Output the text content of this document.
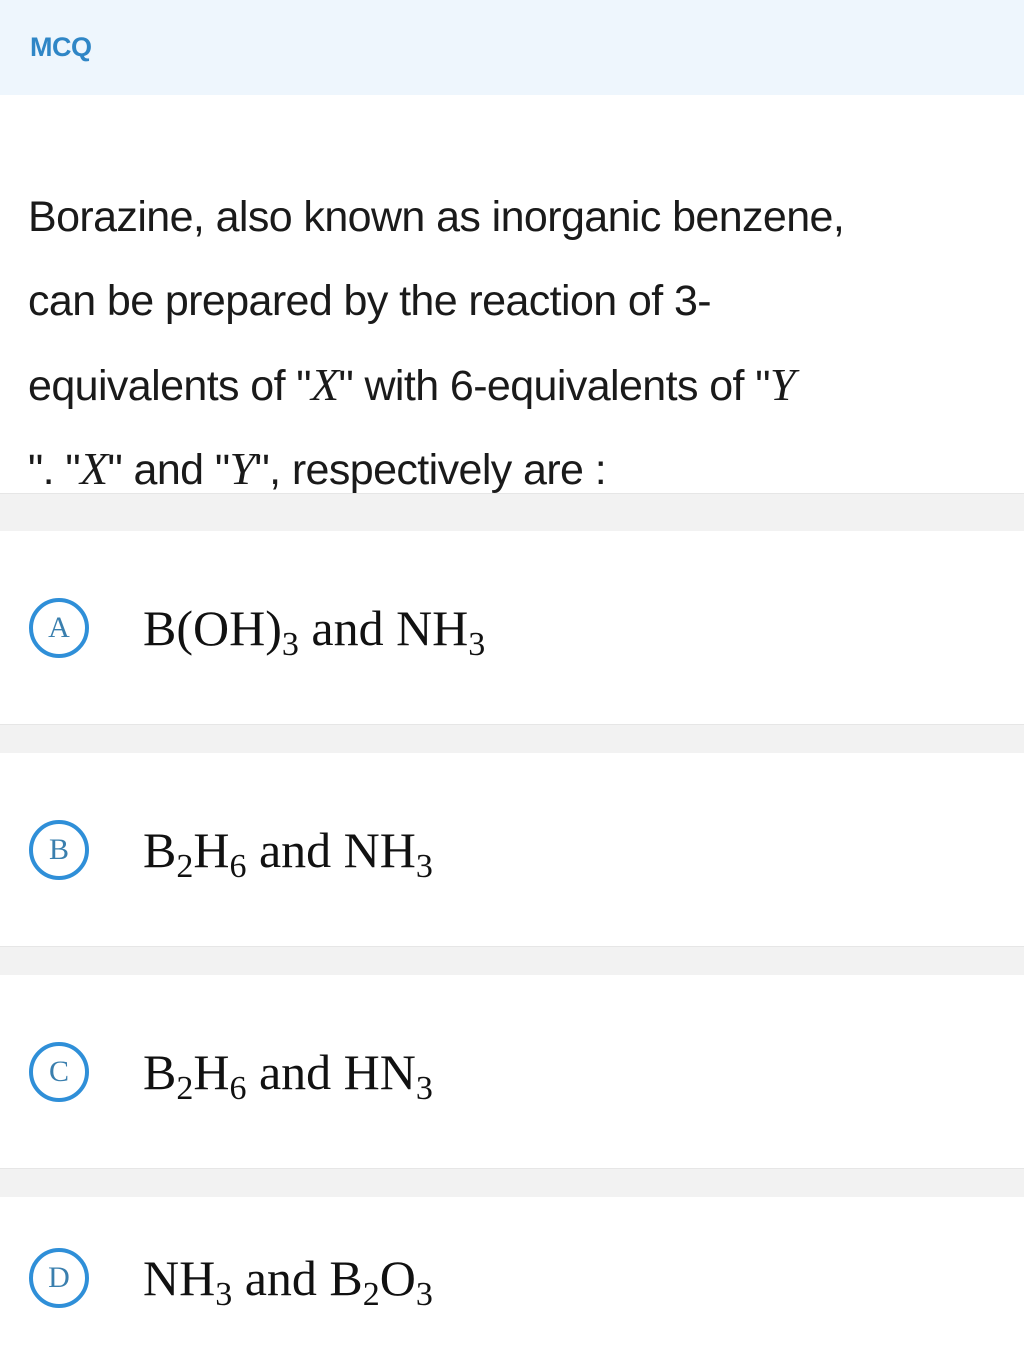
MCQ
Borazine, also known as inorganic benzene,
can be prepared by the reaction of 3-
equivalents of "X" with 6-equivalents of "Y
". "X" and "Y", respectively are :
A	$B(OH)_3$ and $NH_3$
B	$B_2H_6$ and $NH_3$
C	$B_2H_6$ and $HN_3$
D	$NH_3$ and $B_2O_3$
